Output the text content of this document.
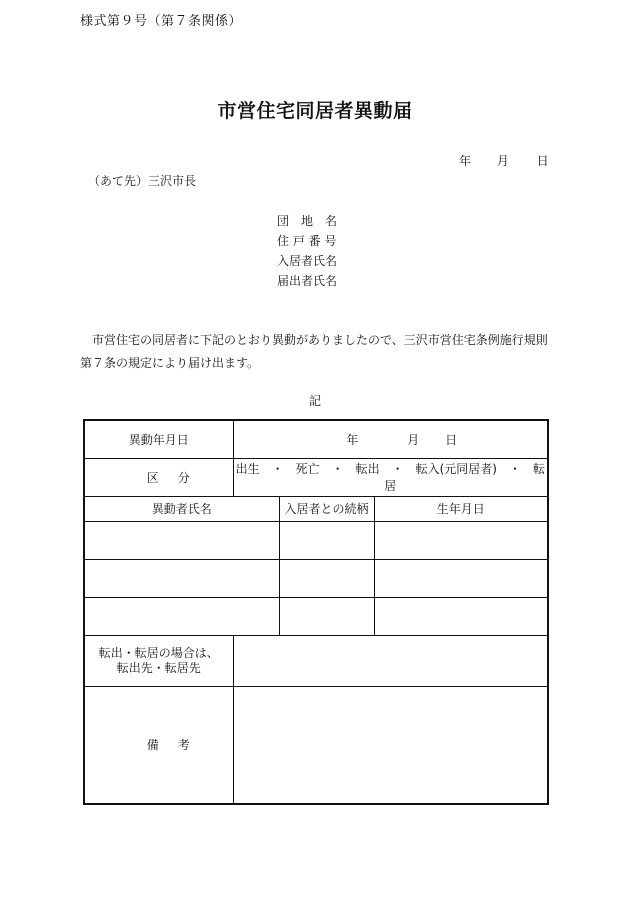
様式第９号（第７条関係）
市営住宅同居者異動届
年 月 日
（あて先）三沢市長
団　地　名
住 戸 番 号
入居者氏名
届出者氏名
市営住宅の同居者に下記のとおり異動がありましたので、三沢市営住宅条例施行規則第７条の規定により届け出ます。
記
異動年月日	年 月 日		
区 分	出生　・　死亡　・　転出　・　転入(元同居者)　・　転居		
異動者氏名		入居者との続柄	生年月日

転出・転居の場合は、
転出先・転居先			

備 考			
